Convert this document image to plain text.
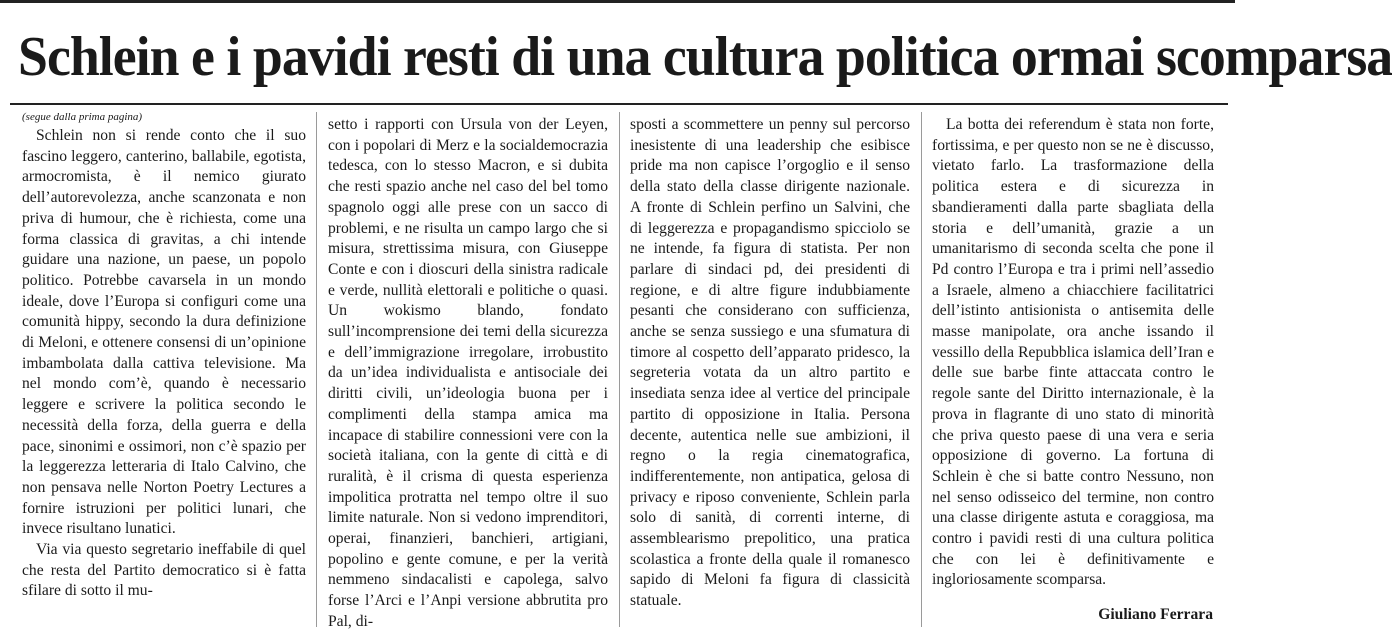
Schlein e i pavidi resti di una cultura politica ormai scomparsa
(segue dalla prima pagina)

Schlein non si rende conto che il suo fascino leggero, canterino, ballabile, egotista, armocromista, è il nemico giurato dell’autorevolezza, anche scanzonata e non priva di humour, che è richiesta, come una forma classica di gravitas, a chi intende guidare una nazione, un paese, un popolo politico. Potrebbe cavarsela in un mondo ideale, dove l’Europa si configuri come una comunità hippy, secondo la dura definizione di Meloni, e ottenere consensi di un’opinione imbambolata dalla cattiva televisione. Ma nel mondo com’è, quando è necessario leggere e scrivere la politica secondo le necessità della forza, della guerra e della pace, sinonimi e ossimori, non c’è spazio per la leggerezza letteraria di Italo Calvino, che non pensava nelle Norton Poetry Lectures a fornire istruzioni per politici lunari, che invece risultano lunatici.

Via via questo segretario ineffabile di quel che resta del Partito democratico si è fatta sfilare di sotto il mu-

setto i rapporti con Ursula von der Leyen, con i popolari di Merz e la socialdemocrazia tedesca, con lo stesso Macron, e si dubita che resti spazio anche nel caso del bel tomo spagnolo oggi alle prese con un sacco di problemi, e ne risulta un campo largo che si misura, strettissima misura, con Giuseppe Conte e con i dioscuri della sinistra radicale e verde, nullità elettorali e politiche o quasi. Un wokismo blando, fondato sull’incomprensione dei temi della sicurezza e dell’immigrazione irregolare, irrobustito da un’idea individualista e antisociale dei diritti civili, un’ideologia buona per i complimenti della stampa amica ma incapace di stabilire connessioni vere con la società italiana, con la gente di città e di ruralità, è il crisma di questa esperienza impolitica protratta nel tempo oltre il suo limite naturale. Non si vedono imprenditori, operai, finanzieri, banchieri, artigiani, popolino e gente comune, e per la verità nemmeno sindacalisti e capolega, salvo forse l’Arci e l’Anpi versione abbrutita pro Pal, di-

sposti a scommettere un penny sul percorso inesistente di una leadership che esibisce pride ma non capisce l’orgoglio e il senso della stato della classe dirigente nazionale. A fronte di Schlein perfino un Salvini, che di leggerezza e propagandismo spicciolo se ne intende, fa figura di statista. Per non parlare di sindaci pd, dei presidenti di regione, e di altre figure indubbiamente pesanti che considerano con sufficienza, anche se senza sussiego e una sfumatura di timore al cospetto dell’apparato pridesco, la segreteria votata da un altro partito e insediata senza idee al vertice del principale partito di opposizione in Italia. Persona decente, autentica nelle sue ambizioni, il regno o la regia cinematografica, indifferentemente, non antipatica, gelosa di privacy e riposo conveniente, Schlein parla solo di sanità, di correnti interne, di assemblearismo prepolitico, una pratica scolastica a fronte della quale il romanesco sapido di Meloni fa figura di classicità statuale.

La botta dei referendum è stata non forte, fortissima, e per questo non se ne è discusso, vietato farlo. La trasformazione della politica estera e di sicurezza in sbandieramenti dalla parte sbagliata della storia e dell’umanità, grazie a un umanitarismo di seconda scelta che pone il Pd contro l’Europa e tra i primi nell’assedio a Israele, almeno a chiacchiere facilitatrici dell’istinto antisionista o antisemita delle masse manipolate, ora anche issando il vessillo della Repubblica islamica dell’Iran e delle sue barbe finte attaccata contro le regole sante del Diritto internazionale, è la prova in flagrante di uno stato di minorità che priva questo paese di una vera e seria opposizione di governo. La fortuna di Schlein è che si batte contro Nessuno, non nel senso odisseico del termine, non contro una classe dirigente astuta e coraggiosa, ma contro i pavidi resti di una cultura politica che con lei è definitivamente e ingloriosamente scomparsa.

Giuliano Ferrara
